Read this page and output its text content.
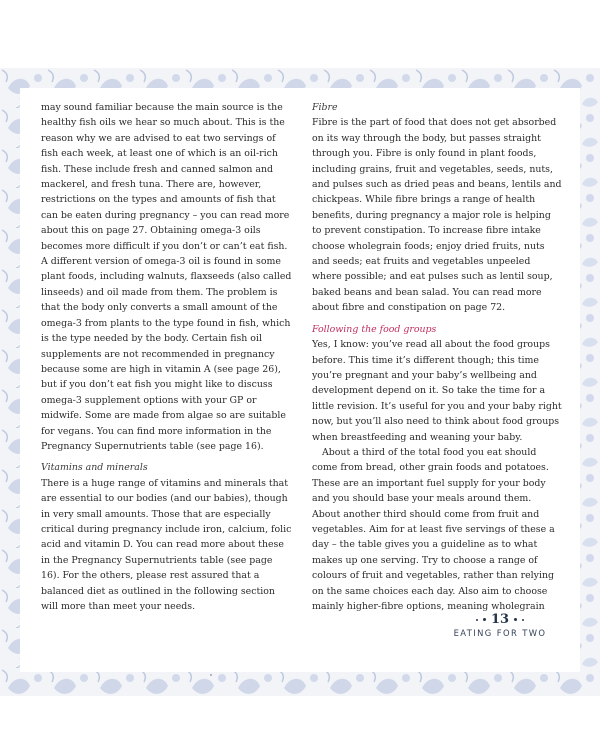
may sound familiar because the main source is the healthy fish oils we hear so much about. This is the reason why we are advised to eat two servings of fish each week, at least one of which is an oil-rich fish. These include fresh and canned salmon and mackerel, and fresh tuna. There are, however, restrictions on the types and amounts of fish that can be eaten during pregnancy – you can read more about this on page 27. Obtaining omega-3 oils becomes more difficult if you don’t or can’t eat fish. A different version of omega-3 oil is found in some plant foods, including walnuts, flaxseeds (also called linseeds) and oil made from them. The problem is that the body only converts a small amount of the omega-3 from plants to the type found in fish, which is the type needed by the body. Certain fish oil supplements are not recommended in pregnancy because some are high in vitamin A (see page 26), but if you don’t eat fish you might like to discuss omega-3 supplement options with your GP or midwife. Some are made from algae so are suitable for vegans. You can find more information in the Pregnancy Supernutrients table (see page 16).

Vitamins and minerals

There is a huge range of vitamins and minerals that are essential to our bodies (and our babies), though in very small amounts. Those that are especially critical during pregnancy include iron, calcium, folic acid and vitamin D. You can read more about these in the Pregnancy Supernutrients table (see page 16). For the others, please rest assured that a balanced diet as outlined in the following section will more than meet your needs.

Fibre

Fibre is the part of food that does not get absorbed on its way through the body, but passes straight through you. Fibre is only found in plant foods, including grains, fruit and vegetables, seeds, nuts, and pulses such as dried peas and beans, lentils and chickpeas. While fibre brings a range of health benefits, during pregnancy a major role is helping to prevent constipation. To increase fibre intake choose wholegrain foods; enjoy dried fruits, nuts and seeds; eat fruits and vegetables unpeeled where possible; and eat pulses such as lentil soup, baked beans and bean salad. You can read more about fibre and constipation on page 72.

Following the food groups

Yes, I know: you’ve read all about the food groups before. This time it’s different though; this time you’re pregnant and your baby’s wellbeing and development depend on it. So take the time for a little revision. It’s useful for you and your baby right now, but you’ll also need to think about food groups when breastfeeding and weaning your baby.

About a third of the total food you eat should come from bread, other grain foods and potatoes. These are an important fuel supply for your body and you should base your meals around them. About another third should come from fruit and vegetables. Aim for at least five servings of these a day – the table gives you a guideline as to what makes up one serving. Try to choose a range of colours of fruit and vegetables, rather than relying on the same choices each day. Also aim to choose mainly higher-fibre options, meaning wholegrain

13
EATING FOR TWO
